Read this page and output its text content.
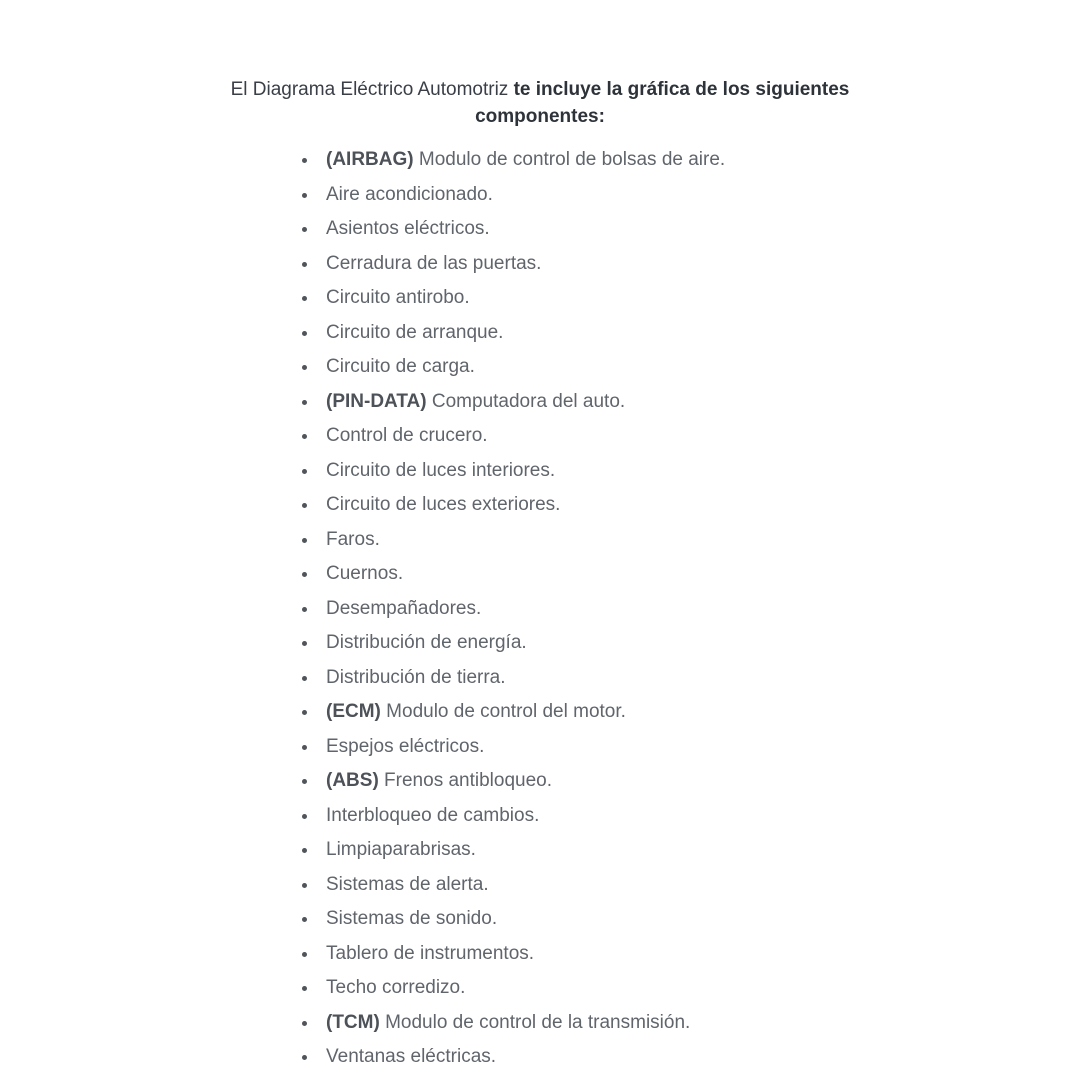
El Diagrama Eléctrico Automotriz te incluye la gráfica de los siguientes componentes:
(AIRBAG) Modulo de control de bolsas de aire.
Aire acondicionado.
Asientos eléctricos.
Cerradura de las puertas.
Circuito antirobo.
Circuito de arranque.
Circuito de carga.
(PIN-DATA) Computadora del auto.
Control de crucero.
Circuito de luces interiores.
Circuito de luces exteriores.
Faros.
Cuernos.
Desempañadores.
Distribución de energía.
Distribución de tierra.
(ECM) Modulo de control del motor.
Espejos eléctricos.
(ABS) Frenos antibloqueo.
Interbloqueo de cambios.
Limpiaparabrisas.
Sistemas de alerta.
Sistemas de sonido.
Tablero de instrumentos.
Techo corredizo.
(TCM) Modulo de control de la transmisión.
Ventanas eléctricas.
